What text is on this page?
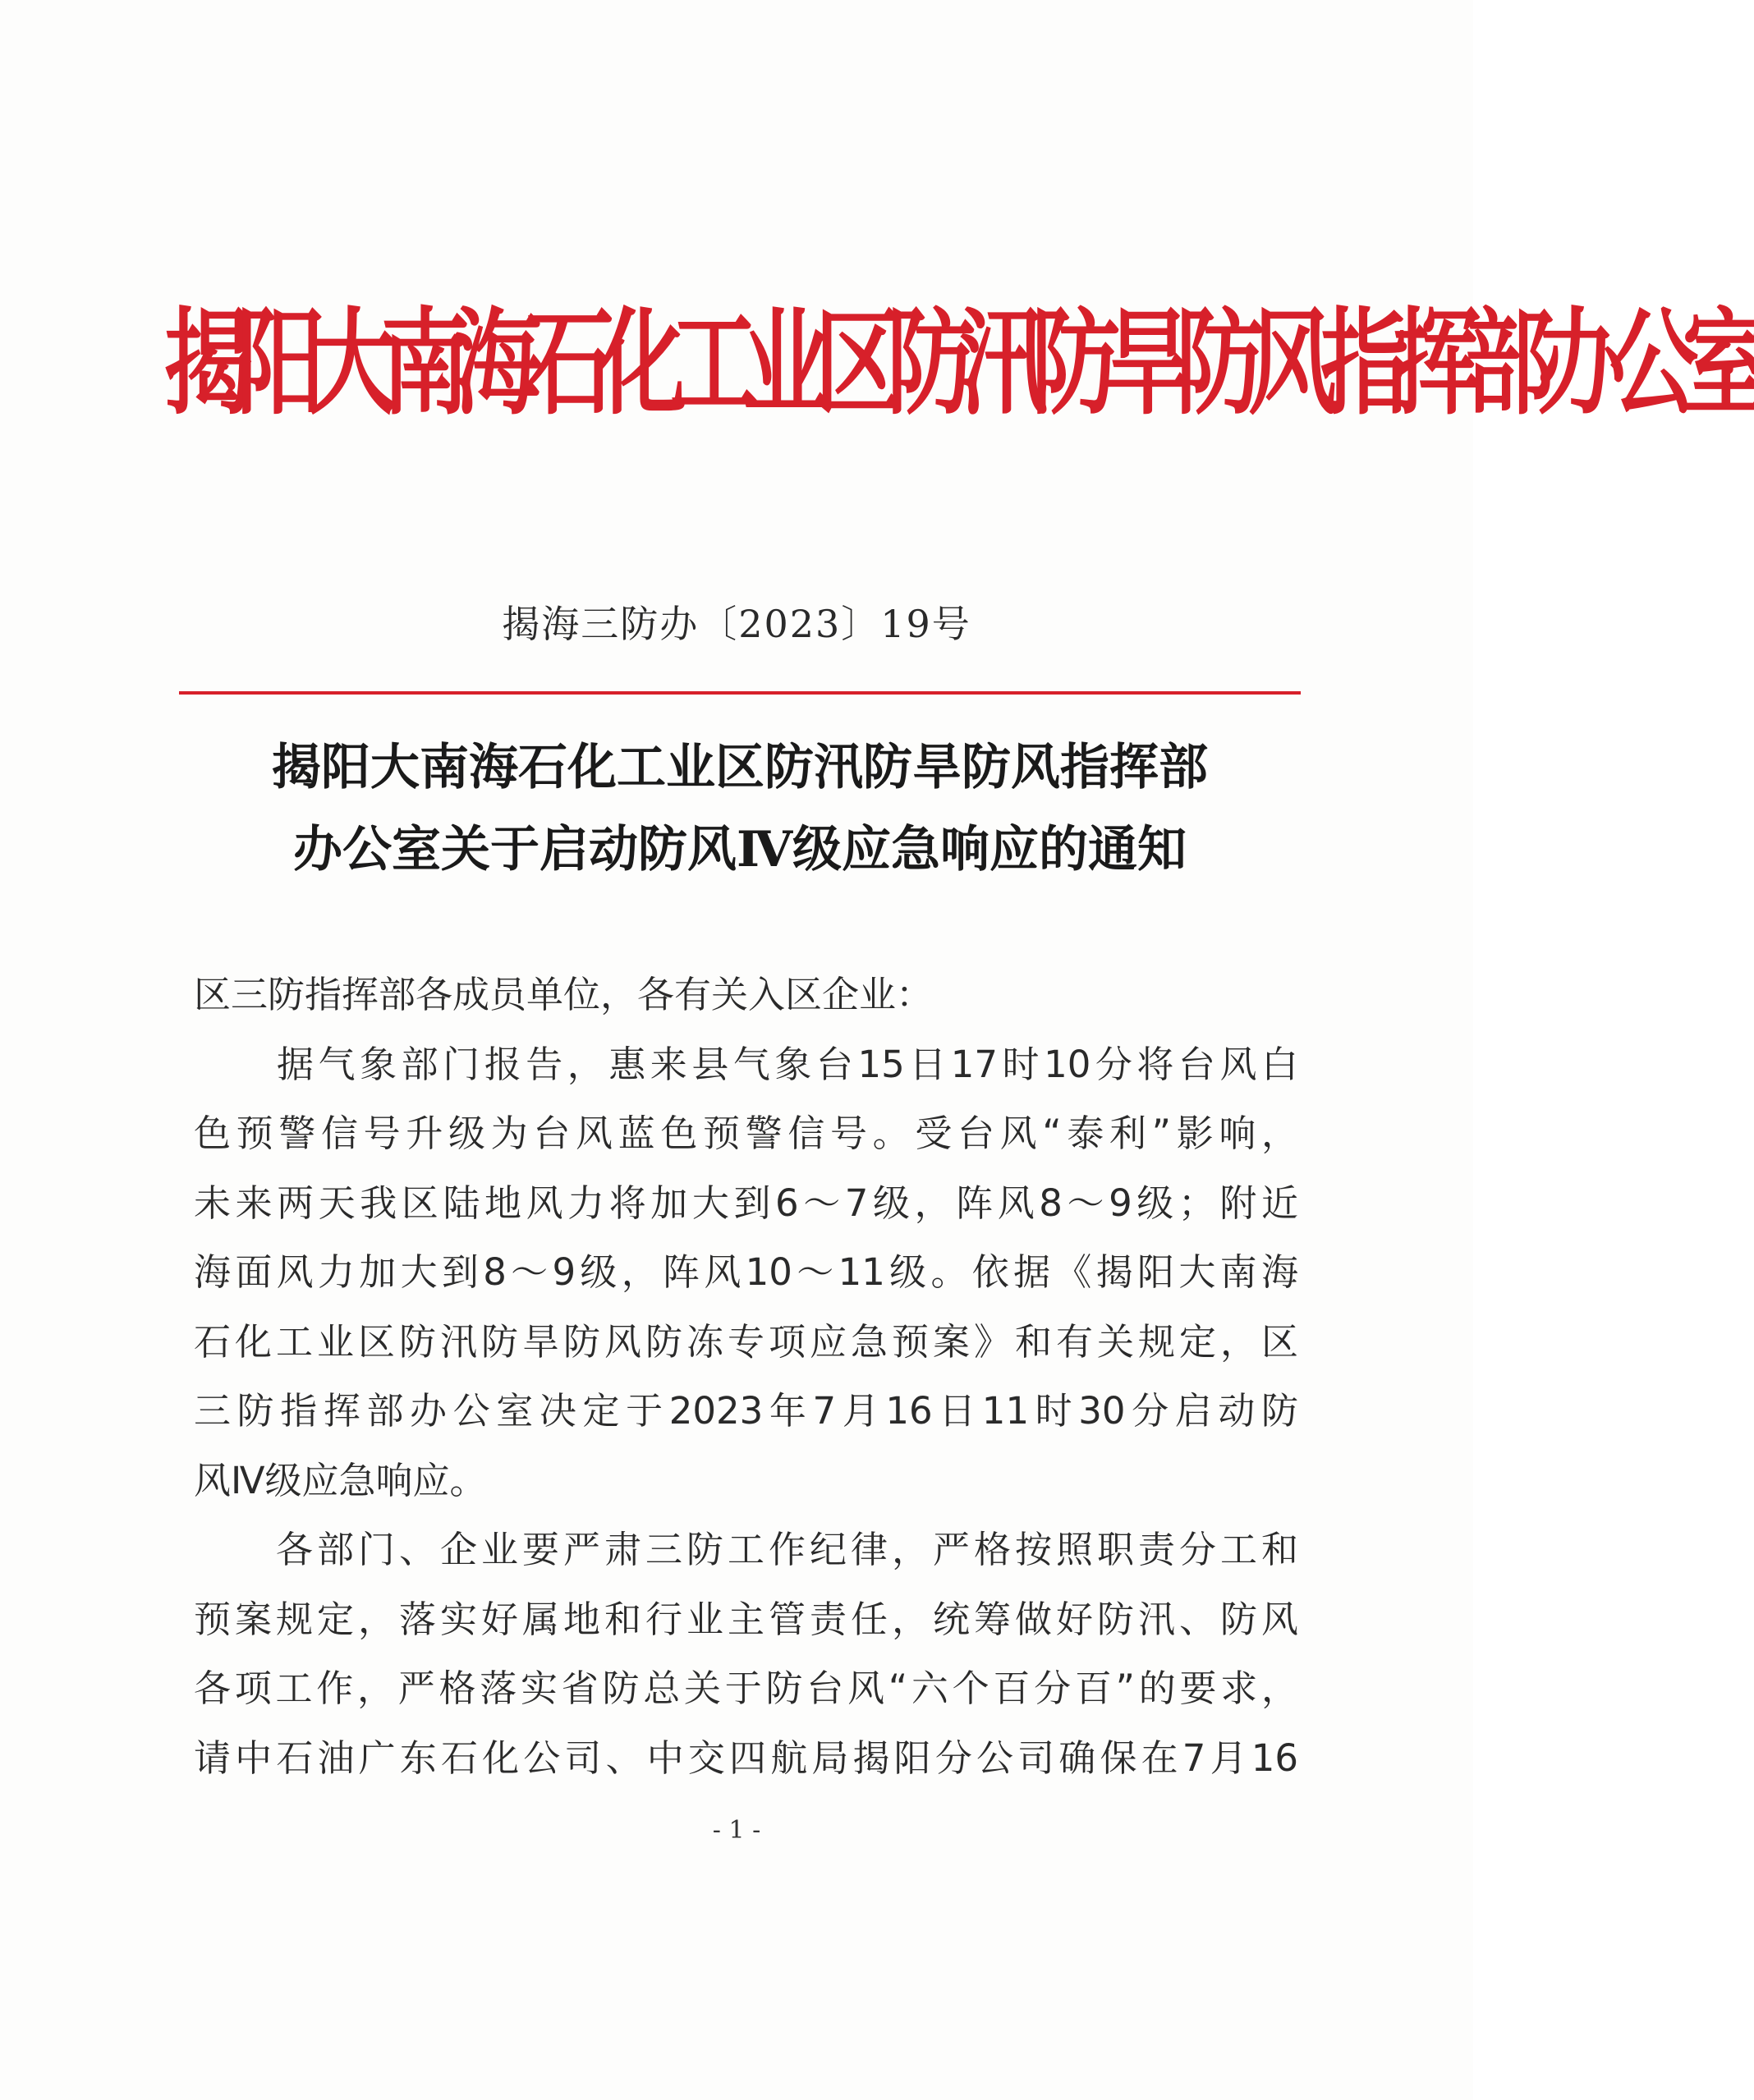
揭阳大南海石化工业区防汛防旱防风指挥部办公室
揭海三防办〔2023〕19号
揭阳大南海石化工业区防汛防旱防风指挥部
办公室关于启动防风Ⅳ级应急响应的通知
区三防指挥部各成员单位，各有关入区企业：
　　据气象部门报告，惠来县气象台15日17时10分将台风白
色预警信号升级为台风蓝色预警信号。受台风“泰利”影响，
未来两天我区陆地风力将加大到6～7级，阵风8～9级；附近
海面风力加大到8～9级，阵风10～11级。依据《揭阳大南海
石化工业区防汛防旱防风防冻专项应急预案》和有关规定，区
三防指挥部办公室决定于2023年7月16日11时30分启动防
风Ⅳ级应急响应。
　　各部门、企业要严肃三防工作纪律，严格按照职责分工和
预案规定，落实好属地和行业主管责任，统筹做好防汛、防风
各项工作，严格落实省防总关于防台风“六个百分百”的要求，
请中石油广东石化公司、中交四航局揭阳分公司确保在7月16
- 1 -
